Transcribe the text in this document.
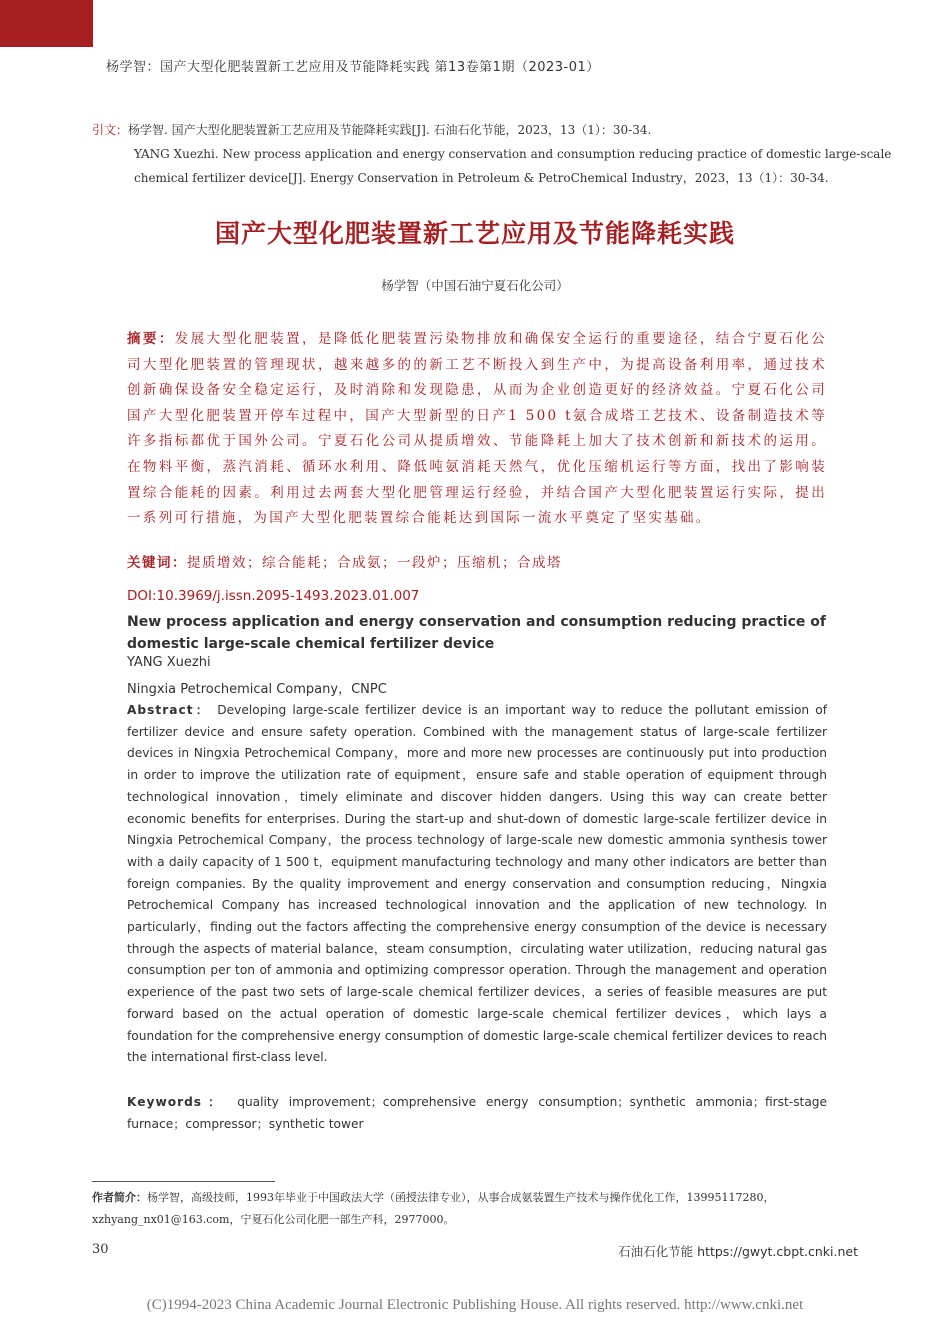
杨学智：国产大型化肥装置新工艺应用及节能降耗实践 第13卷第1期（2023-01）
引文：杨学智. 国产大型化肥装置新工艺应用及节能降耗实践[J]. 石油石化节能，2023，13（1）：30-34.
YANG Xuezhi. New process application and energy conservation and consumption reducing practice of domestic large-scale
chemical fertilizer device[J]. Energy Conservation in Petroleum & PetroChemical Industry，2023，13（1）：30-34.
国产大型化肥装置新工艺应用及节能降耗实践
杨学智（中国石油宁夏石化公司）
摘要：发展大型化肥装置，是降低化肥装置污染物排放和确保安全运行的重要途径，结合宁夏石化公司大型化肥装置的管理现状，越来越多的的新工艺不断投入到生产中，为提高设备利用率，通过技术创新确保设备安全稳定运行，及时消除和发现隐患，从而为企业创造更好的经济效益。宁夏石化公司国产大型化肥装置开停车过程中，国产大型新型的日产1 500 t氨合成塔工艺技术、设备制造技术等许多指标都优于国外公司。宁夏石化公司从提质增效、节能降耗上加大了技术创新和新技术的运用。在物料平衡，蒸汽消耗、循环水利用、降低吨氨消耗天然气，优化压缩机运行等方面，找出了影响装置综合能耗的因素。利用过去两套大型化肥管理运行经验，并结合国产大型化肥装置运行实际，提出一系列可行措施，为国产大型化肥装置综合能耗达到国际一流水平奠定了坚实基础。
关键词：提质增效；综合能耗；合成氨；一段炉；压缩机；合成塔
DOI:10.3969/j.issn.2095-1493.2023.01.007
New process application and energy conservation and consumption reducing practice of domestic large-scale chemical fertilizer device
YANG Xuezhi
Ningxia Petrochemical Company，CNPC
Abstract： Developing large-scale fertilizer device is an important way to reduce the pollutant emission of fertilizer device and ensure safety operation. Combined with the management status of large-scale fertilizer devices in Ningxia Petrochemical Company，more and more new processes are continuously put into production in order to improve the utilization rate of equipment，ensure safe and stable operation of equipment through technological innovation，timely eliminate and discover hidden dangers. Using this way can create better economic benefits for enterprises. During the start-up and shut-down of domestic large-scale fertilizer device in Ningxia Petrochemical Company，the process technology of large-scale new domestic ammonia synthesis tower with a daily capacity of 1 500 t，equipment manufacturing technology and many other indicators are better than foreign companies. By the quality improvement and energy conservation and consumption reducing，Ningxia Petrochemical Company has increased technological innovation and the application of new technology. In particularly，finding out the factors affecting the comprehensive energy consumption of the device is necessary through the aspects of material balance，steam consumption，circulating water utilization，reducing natural gas consumption per ton of ammonia and optimizing compressor operation. Through the management and operation experience of the past two sets of large-scale chemical fertilizer devices，a series of feasible measures are put forward based on the actual operation of domestic large-scale chemical fertilizer devices，which lays a foundation for the comprehensive energy consumption of domestic large-scale chemical fertilizer devices to reach the international first-class level.
Keywords： quality improvement；comprehensive energy consumption；synthetic ammonia；first-stage furnace；compressor；synthetic tower
作者简介：杨学智，高级技师，1993年毕业于中国政法大学（函授法律专业），从事合成氨装置生产技术与操作优化工作，13995117280，xzhyang_nx01@163.com，宁夏石化公司化肥一部生产科，2977000。
30	石油石化节能 https://gwyt.cbpt.cnki.net
(C)1994-2023 China Academic Journal Electronic Publishing House. All rights reserved. http://www.cnki.net
